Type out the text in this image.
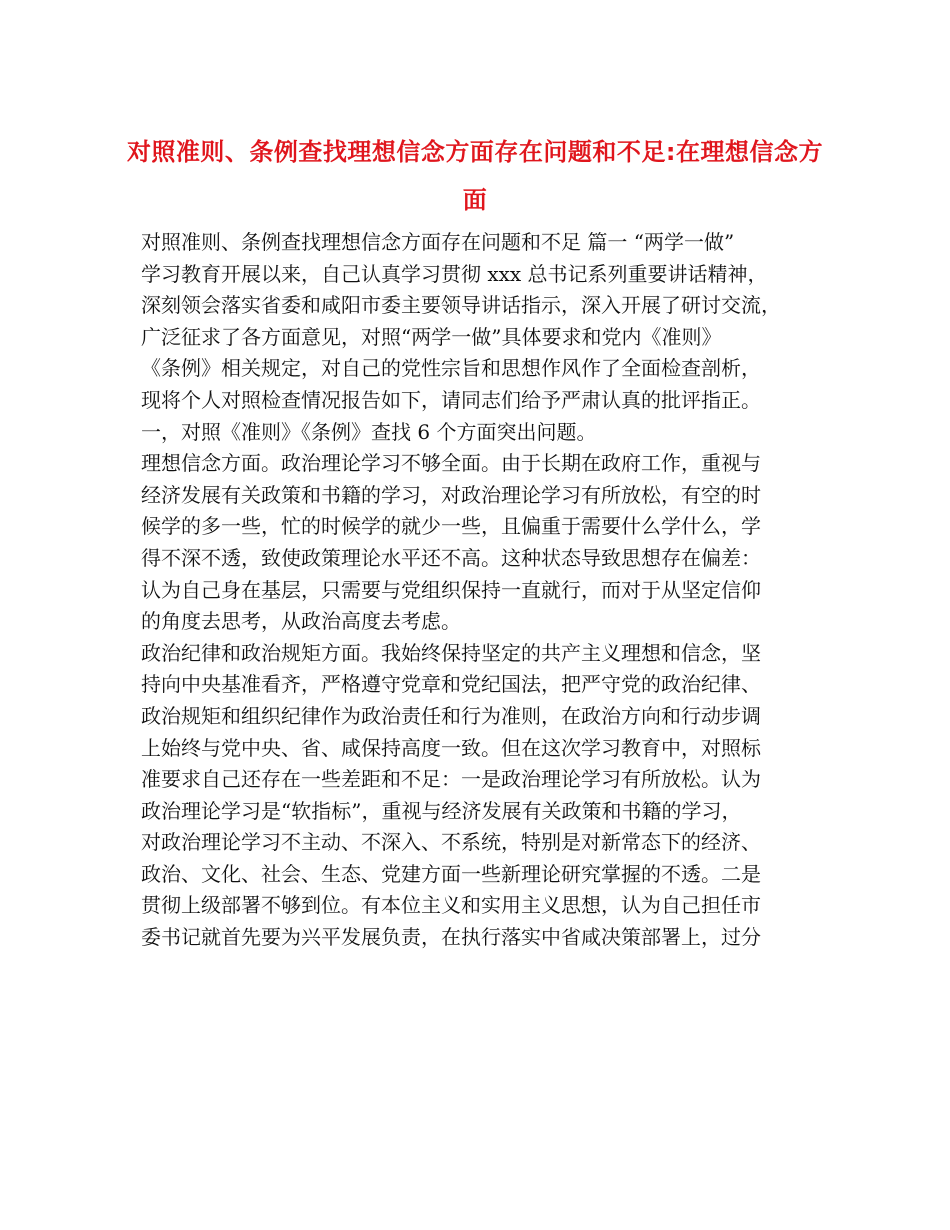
对照准则、条例查找理想信念方面存在问题和不足:在理想信念方面
对照准则、条例查找理想信念方面存在问题和不足 篇一 “两学一做”
学习教育开展以来，自己认真学习贯彻 xxx 总书记系列重要讲话精神，
深刻领会落实省委和咸阳市委主要领导讲话指示，深入开展了研讨交流，
广泛征求了各方面意见，对照“两学一做”具体要求和党内《准则》
《条例》相关规定，对自己的党性宗旨和思想作风作了全面检查剖析，
现将个人对照检查情况报告如下，请同志们给予严肃认真的批评指正。
一，对照《准则》《条例》查找 6 个方面突出问题。
理想信念方面。政治理论学习不够全面。由于长期在政府工作，重视与
经济发展有关政策和书籍的学习，对政治理论学习有所放松，有空的时
候学的多一些，忙的时候学的就少一些，且偏重于需要什么学什么，学
得不深不透，致使政策理论水平还不高。这种状态导致思想存在偏差：
认为自己身在基层，只需要与党组织保持一直就行，而对于从坚定信仰
的角度去思考，从政治高度去考虑。
政治纪律和政治规矩方面。我始终保持坚定的共产主义理想和信念，坚
持向中央基准看齐，严格遵守党章和党纪国法，把严守党的政治纪律、
政治规矩和组织纪律作为政治责任和行为准则，在政治方向和行动步调
上始终与党中央、省、咸保持高度一致。但在这次学习教育中，对照标
准要求自己还存在一些差距和不足：一是政治理论学习有所放松。认为
政治理论学习是“软指标”，重视与经济发展有关政策和书籍的学习，
对政治理论学习不主动、不深入、不系统，特别是对新常态下的经济、
政治、文化、社会、生态、党建方面一些新理论研究掌握的不透。二是
贯彻上级部署不够到位。有本位主义和实用主义思想，认为自己担任市
委书记就首先要为兴平发展负责，在执行落实中省咸决策部署上，过分
